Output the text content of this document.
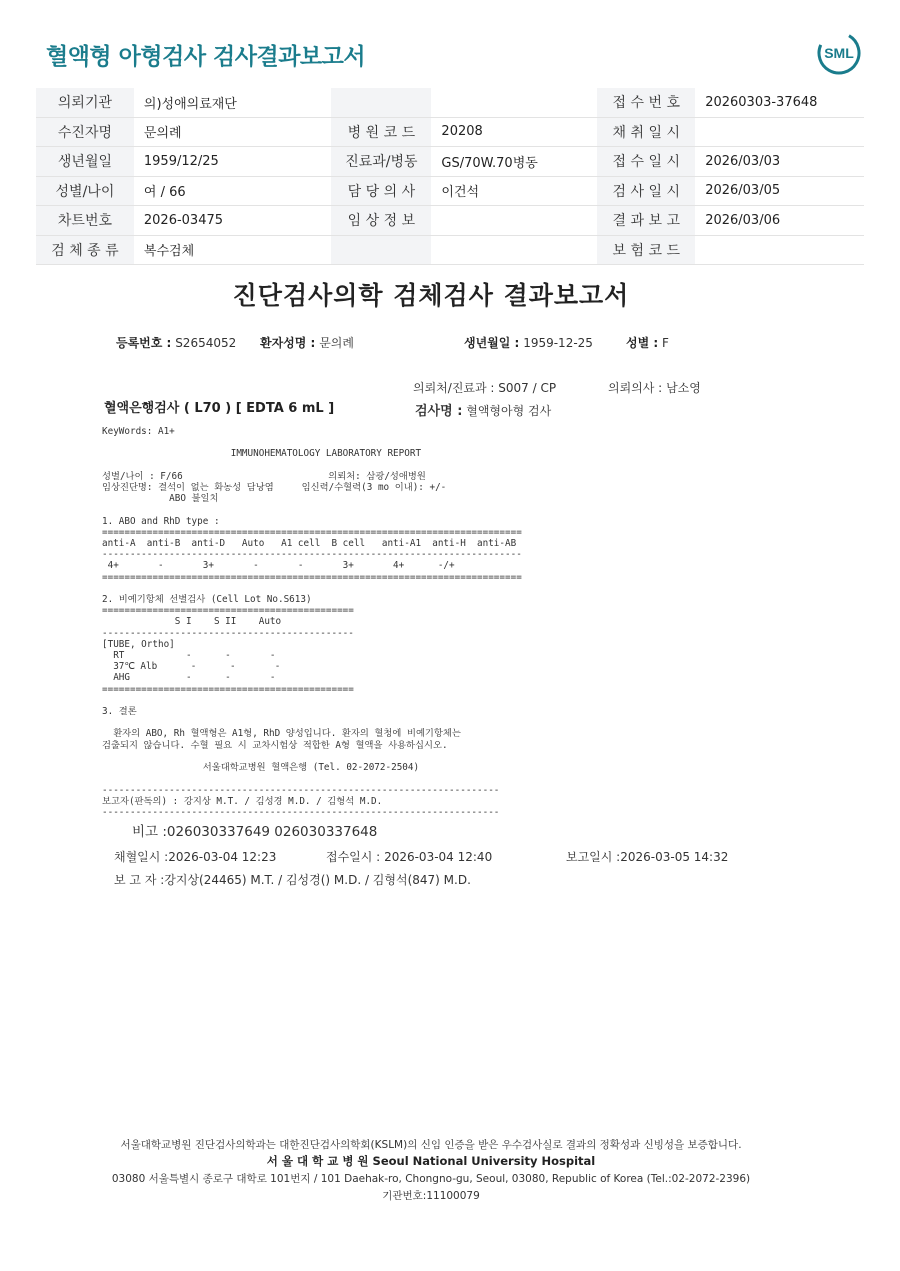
혈액형 아형검사 검사결과보고서	SML
의뢰기관	의)성애의료재단			접 수 번 호	20260303-37648
수진자명	문의례	병 원 코 드	20208	채 취 일 시	
생년월일	1959/12/25	진료과/병동	GS/70W.70병동	접 수 일 시	2026/03/03
성별/나이	여 / 66	담 당 의 사	이건석	검 사 일 시	2026/03/05
차트번호	2026-03475	임 상 정 보		결 과 보 고	2026/03/06
검 체 종 류	복수검체			보 험 코 드	
진단검사의학 검체검사 결과보고서
등록번호 : S2654052 환자성명 : 문의례	생년월일 : 1959-12-25	성별 : F
의뢰처/진료과 : S007 / CP	의뢰의사 : 남소영
혈액은행검사 ( L70 ) [ EDTA 6 mL ]	검사명 : 혈액형아형 검사
KeyWords: A1+

IMMUNOHEMATOLOGY LABORATORY REPORT

성별/나이 : F/66                          의뢰처: 삼광/성애병원
임상진단명: 결석이 없는 화농성 담낭염     임신력/수혈력(3 mo 이내): +/-
ABO 불일치

1. ABO and RhD type :
===========================================================================
anti-A  anti-B  anti-D   Auto   A1 cell  B cell   anti-A1  anti-H  anti-AB
---------------------------------------------------------------------------
4+       -       3+       -       -       3+       4+      -/+
===========================================================================

2. 비예기항체 선별검사 (Cell Lot No.S613)
=============================================
S I    S II    Auto
---------------------------------------------
[TUBE, Ortho]
RT           -      -       -
37℃ Alb      -      -       -
AHG          -      -       -
=============================================

3. 결론

환자의 ABO, Rh 혈액형은 A1형, RhD 양성입니다. 환자의 혈청에 비예기항체는
검출되지 않습니다. 수혈 필요 시 교차시험상 적합한 A형 혈액을 사용하십시오.

서울대학교병원 혈액은행 (Tel. 02-2072-2504)

-----------------------------------------------------------------------
보고자(판독의) : 강지상 M.T. / 김성경 M.D. / 김형석 M.D.
-----------------------------------------------------------------------
비고 :026030337649 026030337648
채혈일시 :2026-03-04 12:23	접수일시 : 2026-03-04 12:40	보고일시 :2026-03-05 14:32
보 고 자 :강지상(24465) M.T. / 김성경() M.D. / 김형석(847) M.D.
서울대학교병원 진단검사의학과는 대한진단검사의학회(KSLM)의 신임 인증을 받은 우수검사실로 결과의 정확성과 신빙성을 보증합니다.
서 울 대 학 교 병 원 Seoul National University Hospital
03080 서울특별시 종로구 대학로 101번지 / 101 Daehak-ro, Chongno-gu, Seoul, 03080, Republic of Korea (Tel.:02-2072-2396)
기관번호:11100079
